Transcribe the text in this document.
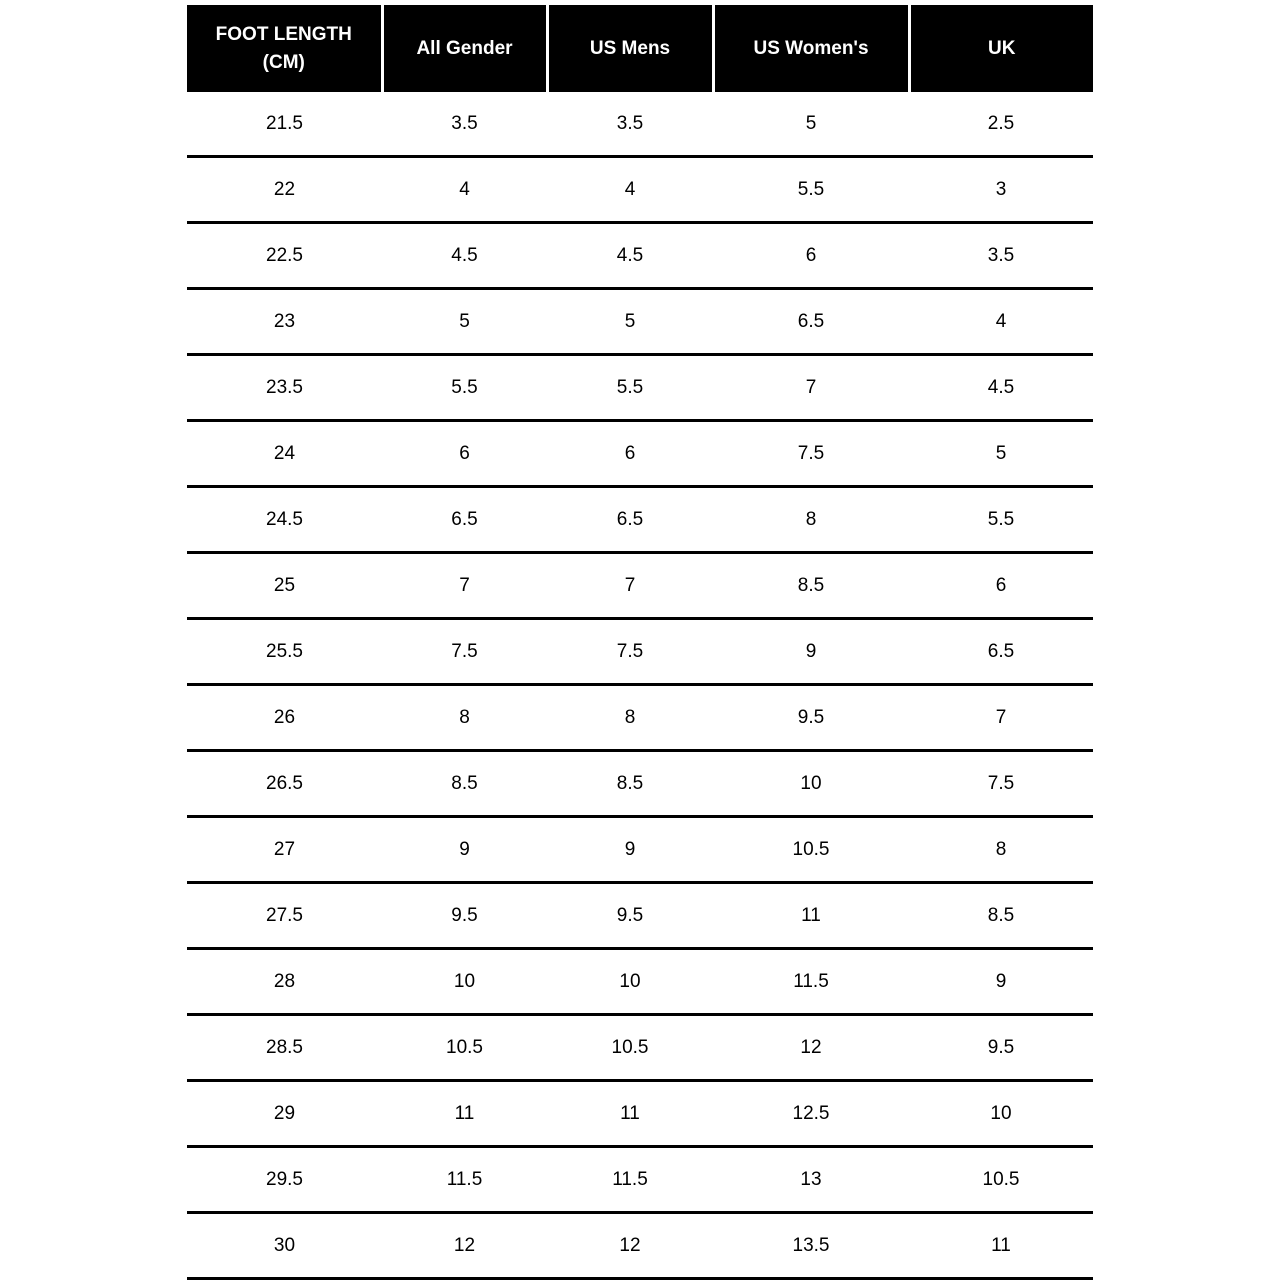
FOOT LENGTH (CM)	All Gender	US Mens	US Women's	UK
21.5	3.5	3.5	5	2.5
22	4	4	5.5	3
22.5	4.5	4.5	6	3.5
23	5	5	6.5	4
23.5	5.5	5.5	7	4.5
24	6	6	7.5	5
24.5	6.5	6.5	8	5.5
25	7	7	8.5	6
25.5	7.5	7.5	9	6.5
26	8	8	9.5	7
26.5	8.5	8.5	10	7.5
27	9	9	10.5	8
27.5	9.5	9.5	11	8.5
28	10	10	11.5	9
28.5	10.5	10.5	12	9.5
29	11	11	12.5	10
29.5	11.5	11.5	13	10.5
30	12	12	13.5	11
